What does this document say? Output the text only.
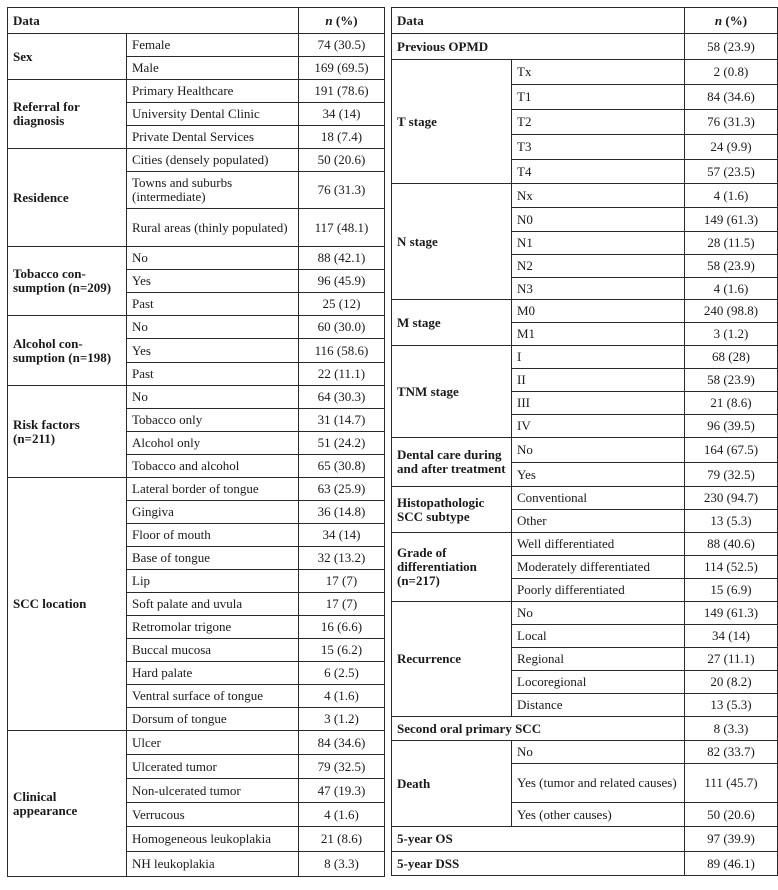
Data		n (%)
Sex	Female	74 (30.5)
	Male	169 (69.5)
Referral for diagnosis	Primary Healthcare	191 (78.6)
	University Dental Clinic	34 (14)
	Private Dental Services	18 (7.4)
Residence	Cities (densely populated)	50 (20.6)
	Towns and suburbs (intermediate)	76 (31.3)
	Rural areas (thinly populated)	117 (48.1)
Tobacco con-sumption (n=209)	No	88 (42.1)
	Yes	96 (45.9)
	Past	25 (12)
Alcohol con-sumption (n=198)	No	60 (30.0)
	Yes	116 (58.6)
	Past	22 (11.1)
Risk factors (n=211)	No	64 (30.3)
	Tobacco only	31 (14.7)
	Alcohol only	51 (24.2)
	Tobacco and alcohol	65 (30.8)
SCC location	Lateral border of tongue	63 (25.9)
	Gingiva	36 (14.8)
	Floor of mouth	34 (14)
	Base of tongue	32 (13.2)
	Lip	17 (7)
	Soft palate and uvula	17 (7)
	Retromolar trigone	16 (6.6)
	Buccal mucosa	15 (6.2)
	Hard palate	6 (2.5)
	Ventral surface of tongue	4 (1.6)
	Dorsum of tongue	3 (1.2)
Clinical appearance	Ulcer	84 (34.6)
	Ulcerated tumor	79 (32.5)
	Non-ulcerated tumor	47 (19.3)
	Verrucous	4 (1.6)
	Homogeneous leukoplakia	21 (8.6)
	NH leukoplakia	8 (3.3)
Data		n (%)
Previous OPMD		58 (23.9)
T stage	Tx	2 (0.8)
	T1	84 (34.6)
	T2	76 (31.3)
	T3	24 (9.9)
	T4	57 (23.5)
N stage	Nx	4 (1.6)
	N0	149 (61.3)
	N1	28 (11.5)
	N2	58 (23.9)
	N3	4 (1.6)
M stage	M0	240 (98.8)
	M1	3 (1.2)
TNM stage	I	68 (28)
	II	58 (23.9)
	III	21 (8.6)
	IV	96 (39.5)
Dental care during and after treatment	No	164 (67.5)
	Yes	79 (32.5)
Histopathologic SCC subtype	Conventional	230 (94.7)
	Other	13 (5.3)
Grade of differentiation (n=217)	Well differentiated	88 (40.6)
	Moderately differentiated	114 (52.5)
	Poorly differentiated	15 (6.9)
Recurrence	No	149 (61.3)
	Local	34 (14)
	Regional	27 (11.1)
	Locoregional	20 (8.2)
	Distance	13 (5.3)
Second oral primary SCC		8 (3.3)
Death	No	82 (33.7)
	Yes (tumor and related causes)	111 (45.7)
	Yes (other causes)	50 (20.6)
5-year OS		97 (39.9)
5-year DSS		89 (46.1)
